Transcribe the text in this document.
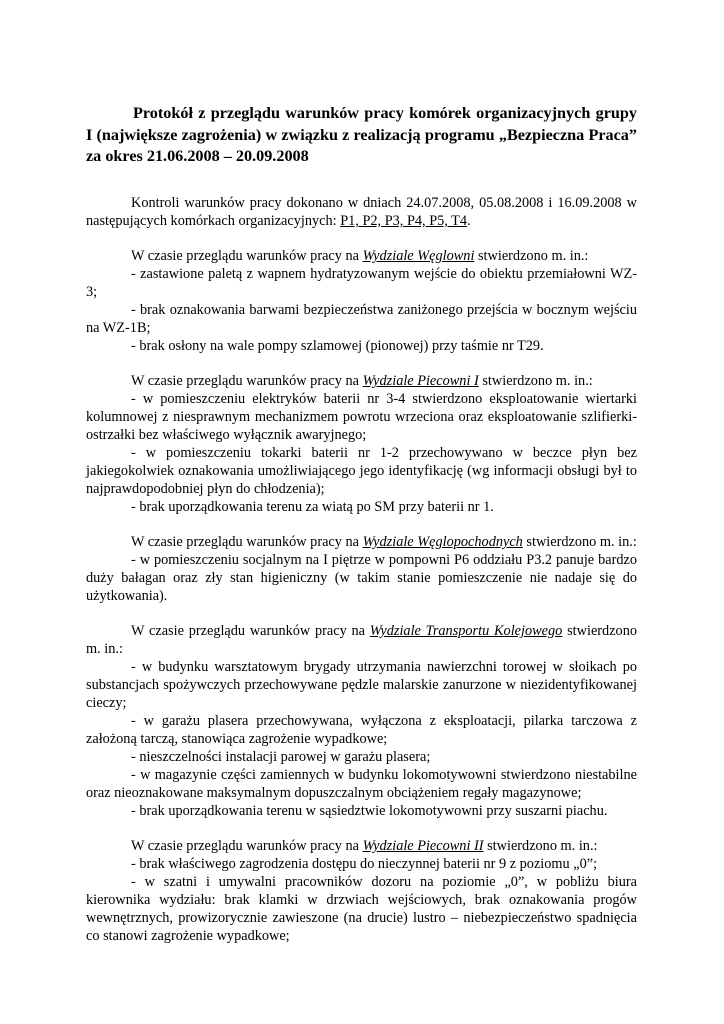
Protokół z przeglądu warunków pracy komórek organizacyjnych grupy I (największe zagrożenia) w związku z realizacją programu „Bezpieczna Praca” za okres 21.06.2008 – 20.09.2008

Kontroli warunków pracy dokonano w dniach 24.07.2008, 05.08.2008 i 16.09.2008 w następujących komórkach organizacyjnych: P1, P2, P3, P4, P5, T4.

W czasie przeglądu warunków pracy na Wydziale Węglowni stwierdzono m. in.:

- zastawione paletą z wapnem hydratyzowanym wejście do obiektu przemiałowni WZ-3;

- brak oznakowania barwami bezpieczeństwa zaniżonego przejścia w bocznym wejściu na WZ-1B;

- brak osłony na wale pompy szlamowej (pionowej) przy taśmie nr T29.

W czasie przeglądu warunków pracy na Wydziale Piecowni I stwierdzono m. in.:

- w pomieszczeniu elektryków baterii nr 3-4 stwierdzono eksploatowanie wiertarki kolumnowej z niesprawnym mechanizmem powrotu wrzeciona oraz eksploatowanie szlifierki-ostrzałki bez właściwego wyłącznik awaryjnego;

- w pomieszczeniu tokarki baterii nr 1-2 przechowywano w beczce płyn bez jakiegokolwiek oznakowania umożliwiającego jego identyfikację (wg informacji obsługi był to najprawdopodobniej płyn do chłodzenia);

- brak uporządkowania terenu za wiatą po SM przy baterii nr 1.

W czasie przeglądu warunków pracy na Wydziale Węglopochodnych stwierdzono m. in.:

- w pomieszczeniu socjalnym na I piętrze w pompowni P6 oddziału P3.2 panuje bardzo duży bałagan oraz zły stan higieniczny (w takim stanie pomieszczenie nie nadaje się do użytkowania).

W czasie przeglądu warunków pracy na Wydziale Transportu Kolejowego stwierdzono m. in.:

- w budynku warsztatowym brygady utrzymania nawierzchni torowej w słoikach po substancjach spożywczych przechowywane pędzle malarskie zanurzone w niezidentyfikowanej cieczy;

- w garażu plasera przechowywana, wyłączona z eksploatacji, pilarka tarczowa z założoną tarczą, stanowiąca zagrożenie wypadkowe;

- nieszczelności instalacji parowej w garażu plasera;

- w magazynie części zamiennych w budynku lokomotywowni stwierdzono niestabilne oraz nieoznakowane maksymalnym dopuszczalnym obciążeniem regały magazynowe;

- brak uporządkowania terenu w sąsiedztwie lokomotywowni przy suszarni piachu.

W czasie przeglądu warunków pracy na Wydziale Piecowni II stwierdzono m. in.:

- brak właściwego zagrodzenia dostępu do nieczynnej baterii nr 9 z poziomu „0”;

- w szatni i umywalni pracowników dozoru na poziomie „0”, w pobliżu biura kierownika wydziału: brak klamki w drzwiach wejściowych, brak oznakowania progów wewnętrznych, prowizorycznie zawieszone (na drucie) lustro – niebezpieczeństwo spadnięcia co stanowi zagrożenie wypadkowe;
